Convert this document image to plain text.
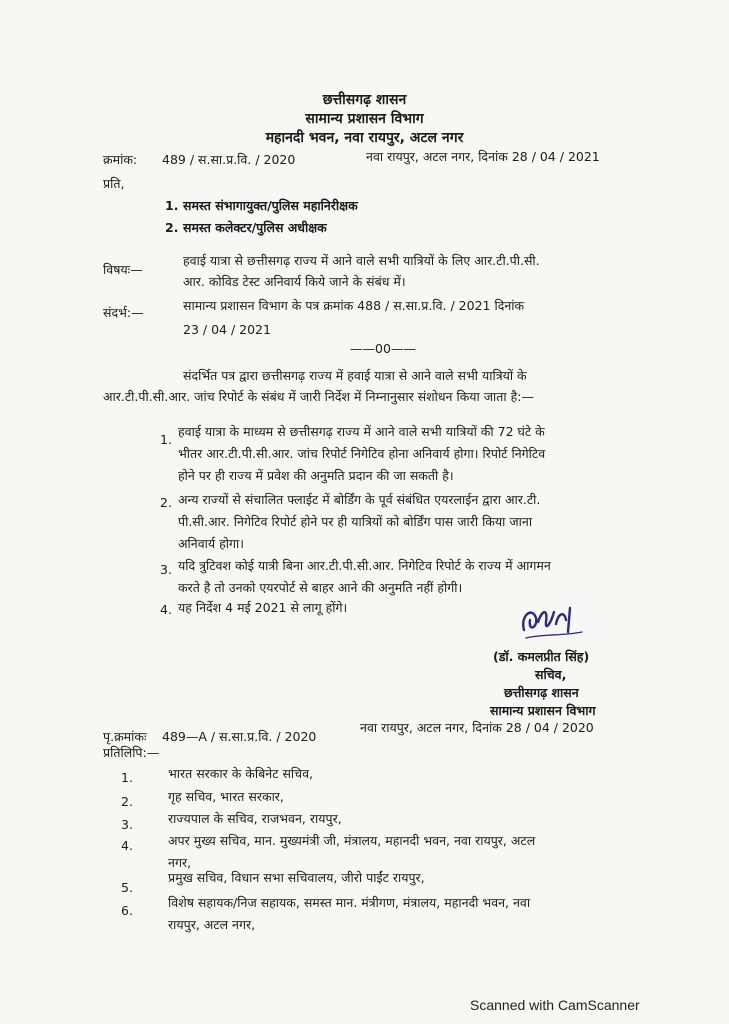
छत्तीसगढ़ शासन
सामान्य प्रशासन विभाग
महानदी भवन, नवा रायपुर, अटल नगर
क्रमांक: 489 / स.सा.प्र.वि. / 2020	नवा रायपुर, अटल नगर, दिनांक 28 / 04 / 2021
प्रति,
1. समस्त संभागायुक्त/पुलिस महानिरीक्षक
2. समस्त कलेक्टर/पुलिस अधीक्षक
विषयः—
हवाई यात्रा से छत्तीसगढ़ राज्य में आने वाले सभी यात्रियों के लिए आर.टी.पी.सी.
आर. कोविड टेस्ट अनिवार्य किये जाने के संबंध में।
संदर्भ:—	सामान्य प्रशासन विभाग के पत्र क्रमांक 488 / स.सा.प्र.वि. / 2021 दिनांक
23 / 04 / 2021
——00——
संदर्भित पत्र द्वारा छत्तीसगढ़ राज्य में हवाई यात्रा से आने वाले सभी यात्रियों के
आर.टी.पी.सी.आर. जांच रिपोर्ट के संबंध में जारी निर्देश में निम्नानुसार संशोधन किया जाता है:—
1.
हवाई यात्रा के माध्यम से छत्तीसगढ़ राज्य में आने वाले सभी यात्रियों की 72 घंटे के
भीतर आर.टी.पी.सी.आर. जांच रिपोर्ट निगेटिव होना अनिवार्य होगा। रिपोर्ट निगेटिव
होने पर ही राज्य में प्रवेश की अनुमति प्रदान की जा सकती है।
2. अन्य राज्यों से संचालित फ्लाईट में बोर्डिंग के पूर्व संबंधित एयरलाईन द्वारा आर.टी.
पी.सी.आर. निगेटिव रिपोर्ट होने पर ही यात्रियों को बोर्डिंग पास जारी किया जाना
अनिवार्य होगा।
3. यदि त्रुटिवश कोई यात्री बिना आर.टी.पी.सी.आर. निगेटिव रिपोर्ट के राज्य में आगमन
करते है तो उनको एयरपोर्ट से बाहर आने की अनुमति नहीं होगी।
4. यह निर्देश 4 मई 2021 से लागू होंगे।
(डॉ. कमलप्रीत सिंह)
सचिव,
छत्तीसगढ़ शासन
सामान्य प्रशासन विभाग
पृ.क्रमांकः 489—A / स.सा.प्र.वि. / 2020
नवा रायपुर, अटल नगर, दिनांक 28 / 04 / 2020
प्रतिलिपि:—
1.	भारत सरकार के केबिनेट सचिव,
2.	गृह सचिव, भारत सरकार,
3.	राज्यपाल के सचिव, राजभवन, रायपुर,
4.	अपर मुख्य सचिव, मान. मुख्यमंत्री जी, मंत्रालय, महानदी भवन, नवा रायपुर, अटल
नगर,
5.
प्रमुख सचिव, विधान सभा सचिवालय, जीरो पाईंट रायपुर,
6.
विशेष सहायक/निज सहायक, समस्त मान. मंत्रीगण, मंत्रालय, महानदी भवन, नवा
रायपुर, अटल नगर,
Scanned with CamScanner
